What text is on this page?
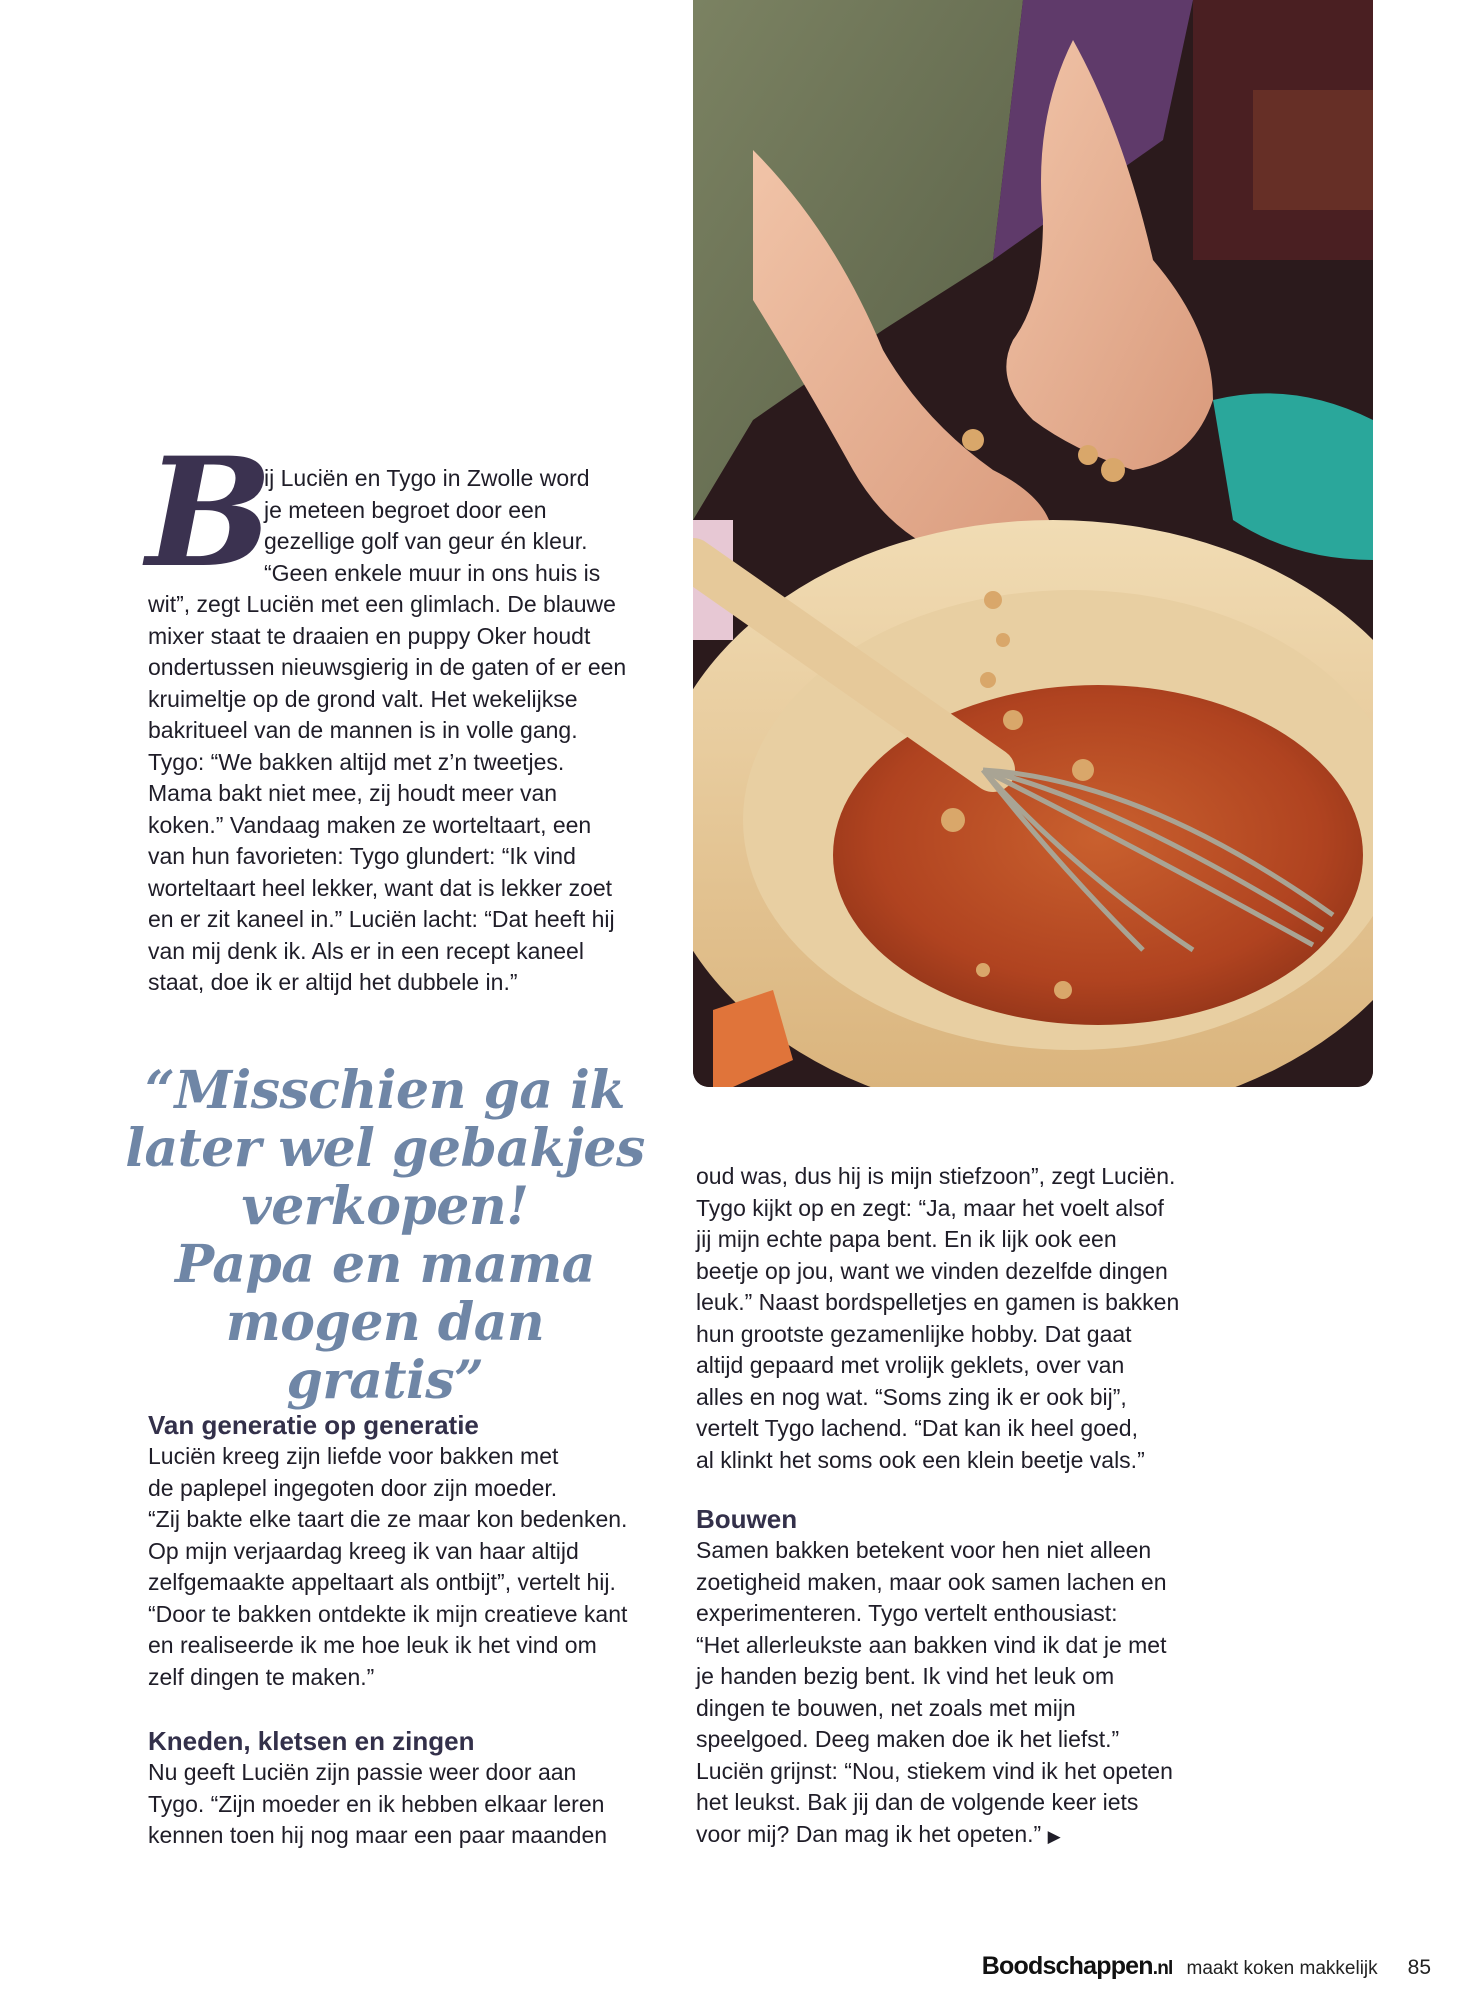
B

ij Luciën en Tygo in Zwolle word
je meteen begroet door een
gezellige golf van geur én kleur.
“Geen enkele muur in ons huis is

wit”, zegt Luciën met een glimlach. De blauwe
mixer staat te draaien en puppy Oker houdt
ondertussen nieuwsgierig in de gaten of er een
kruimeltje op de grond valt. Het wekelijkse
bakritueel van de mannen is in volle gang.
Tygo: “We bakken altijd met z’n tweetjes.
Mama bakt niet mee, zij houdt meer van
koken.” Vandaag maken ze worteltaart, een
van hun favorieten: Tygo glundert: “Ik vind
worteltaart heel lekker, want dat is lekker zoet
en er zit kaneel in.” Luciën lacht: “Dat heeft hij
van mij denk ik. Als er in een recept kaneel
staat, doe ik er altijd het dubbele in.”

“Misschien ga ik
later wel gebakjes
verkopen!
Papa en mama
mogen dan gratis”
Van generatie op generatie

Luciën kreeg zijn liefde voor bakken met
de paplepel ingegoten door zijn moeder.
“Zij bakte elke taart die ze maar kon bedenken.
Op mijn verjaardag kreeg ik van haar altijd
zelfgemaakte appeltaart als ontbijt”, vertelt hij.
“Door te bakken ontdekte ik mijn creatieve kant
en realiseerde ik me hoe leuk ik het vind om
zelf dingen te maken.”

Kneden, kletsen en zingen

Nu geeft Luciën zijn passie weer door aan
Tygo. “Zijn moeder en ik hebben elkaar leren
kennen toen hij nog maar een paar maanden

oud was, dus hij is mijn stiefzoon”, zegt Luciën.
Tygo kijkt op en zegt: “Ja, maar het voelt alsof
jij mijn echte papa bent. En ik lijk ook een
beetje op jou, want we vinden dezelfde dingen
leuk.” Naast bordspelletjes en gamen is bakken
hun grootste gezamenlijke hobby. Dat gaat
altijd gepaard met vrolijk geklets, over van
alles en nog wat. “Soms zing ik er ook bij”,
vertelt Tygo lachend. “Dat kan ik heel goed,
al klinkt het soms ook een klein beetje vals.”

Bouwen

Samen bakken betekent voor hen niet alleen
zoetigheid maken, maar ook samen lachen en
experimenteren. Tygo vertelt enthousiast:
“Het allerleukste aan bakken vind ik dat je met
je handen bezig bent. Ik vind het leuk om
dingen te bouwen, net zoals met mijn
speelgoed. Deeg maken doe ik het liefst.”
Luciën grijnst: “Nou, stiekem vind ik het opeten
het leukst. Bak jij dan de volgende keer iets
voor mij? Dan mag ik het opeten.” ▶

Boodschappen.nl maakt koken makkelijk 85
